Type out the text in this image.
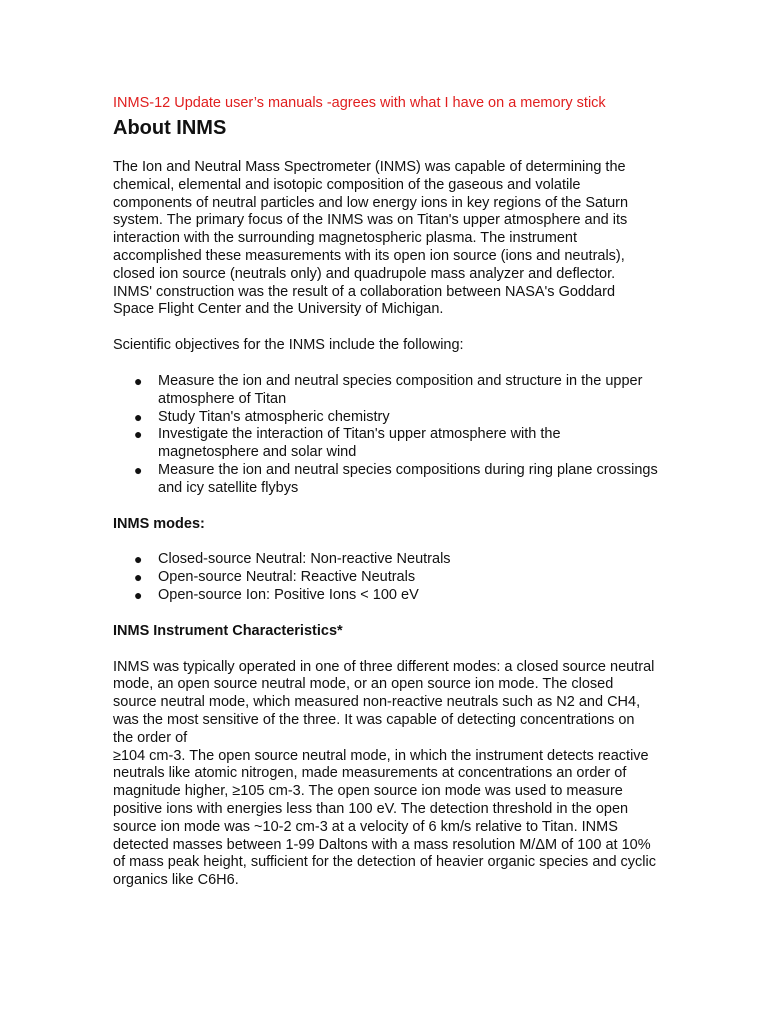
INMS-12 Update user’s manuals -agrees with what I have on a memory stick

About INMS

The Ion and Neutral Mass Spectrometer (INMS) was capable of determining the chemical, elemental and isotopic composition of the gaseous and volatile components of neutral particles and low energy ions in key regions of the Saturn system. The primary focus of the INMS was on Titan's upper atmosphere and its interaction with the surrounding magnetospheric plasma. The instrument accomplished these measurements with its open ion source (ions and neutrals), closed ion source (neutrals only) and quadrupole mass analyzer and deflector. INMS' construction was the result of a collaboration between NASA's Goddard Space Flight Center and the University of Michigan.

Scientific objectives for the INMS include the following:

● Measure the ion and neutral species composition and structure in the upper atmosphere of Titan
● Study Titan's atmospheric chemistry
● Investigate the interaction of Titan's upper atmosphere with the magnetosphere and solar wind
● Measure the ion and neutral species compositions during ring plane crossings and icy satellite flybys

INMS modes:

● Closed-source Neutral: Non-reactive Neutrals
● Open-source Neutral: Reactive Neutrals
● Open-source Ion: Positive Ions < 100 eV

INMS Instrument Characteristics*

INMS was typically operated in one of three different modes: a closed source neutral mode, an open source neutral mode, or an open source ion mode. The closed source neutral mode, which measured non-reactive neutrals such as N2 and CH4, was the most sensitive of the three. It was capable of detecting concentrations on the order of
≥104 cm-3. The open source neutral mode, in which the instrument detects reactive neutrals like atomic nitrogen, made measurements at concentrations an order of magnitude higher, ≥105 cm-3. The open source ion mode was used to measure positive ions with energies less than 100 eV. The detection threshold in the open source ion mode was ~10-2 cm-3 at a velocity of 6 km/s relative to Titan. INMS detected masses between 1-99 Daltons with a mass resolution M/ΔM of 100 at 10% of mass peak height, sufficient for the detection of heavier organic species and cyclic organics like C6H6.
